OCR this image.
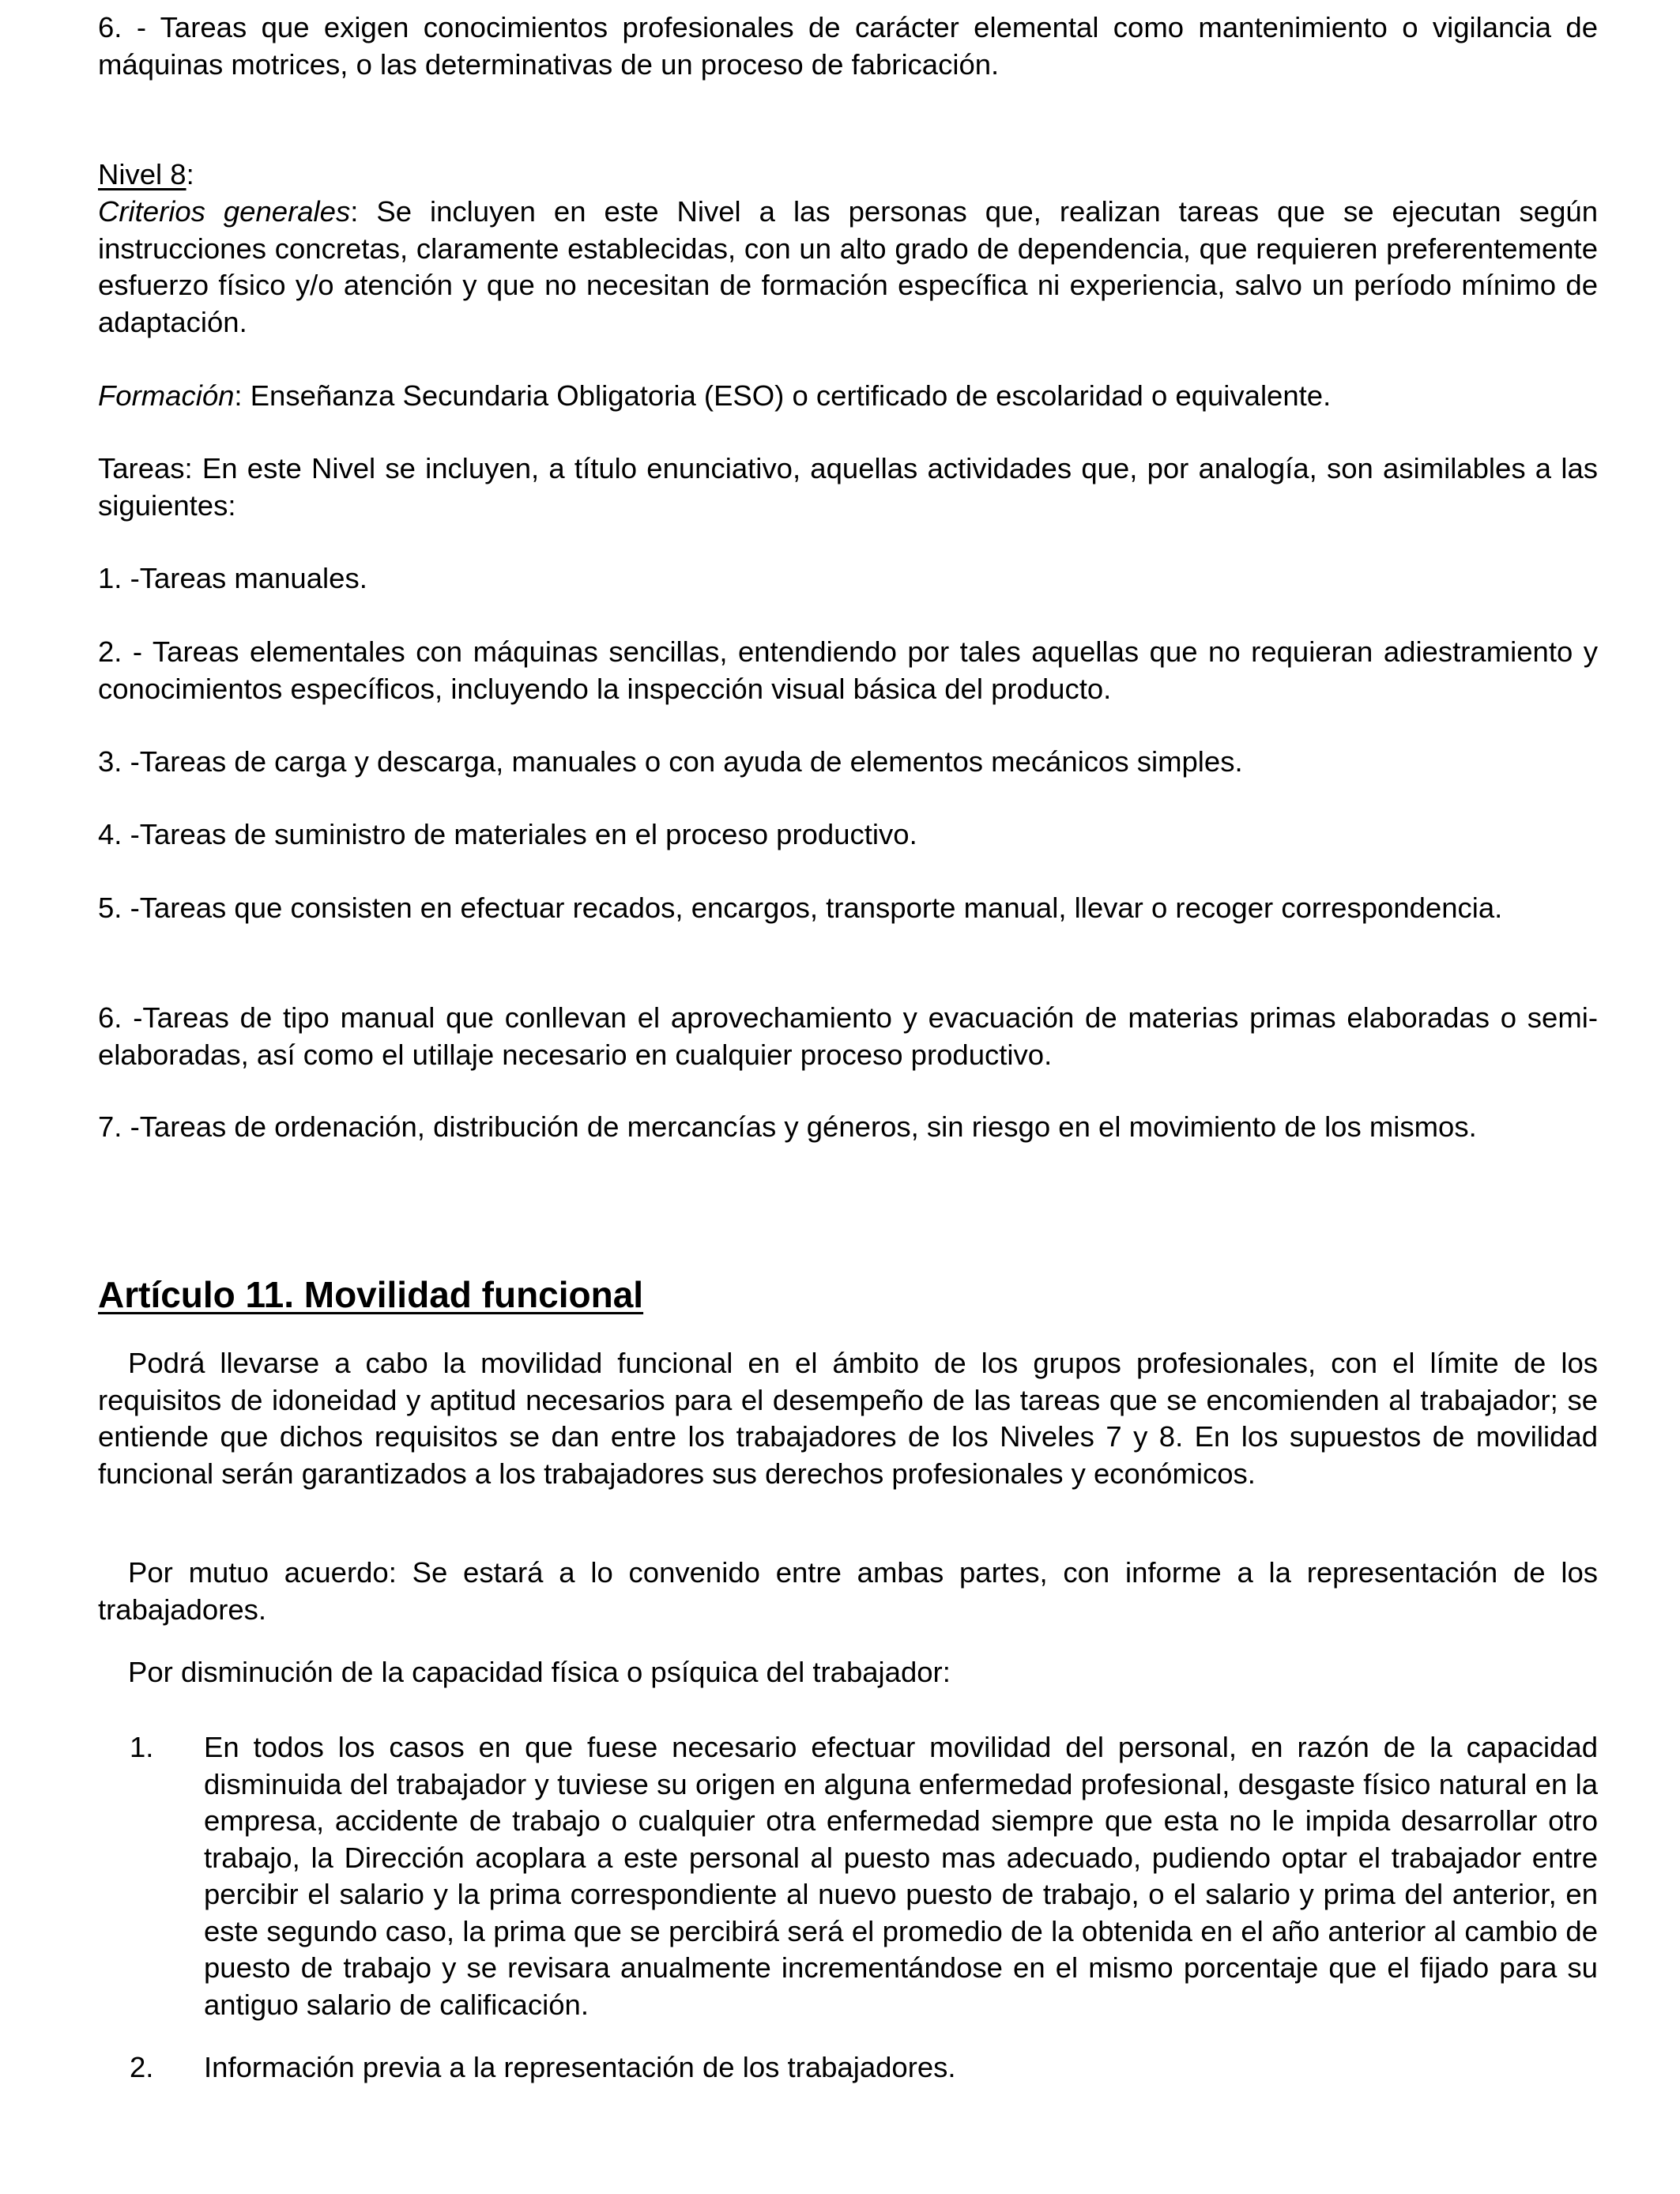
6. - Tareas que exigen conocimientos profesionales de carácter elemental como mantenimiento o vigilancia de máquinas motrices, o las determinativas de un proceso de fabricación.

Nivel 8:

Criterios generales: Se incluyen en este Nivel a las personas que, realizan tareas que se ejecutan según instrucciones concretas, claramente establecidas, con un alto grado de dependencia, que requieren preferentemente esfuerzo físico y/o atención y que no necesitan de formación específica ni experiencia, salvo un período mínimo de adaptación.

Formación: Enseñanza Secundaria Obligatoria (ESO) o certificado de escolaridad o equivalente.

Tareas: En este Nivel se incluyen, a título enunciativo, aquellas actividades que, por analogía, son asimilables a las siguientes:

1. -Tareas manuales.

2. - Tareas elementales con máquinas sencillas, entendiendo por tales aquellas que no requieran adiestramiento y conocimientos específicos, incluyendo la inspección visual básica del producto.

3. -Tareas de carga y descarga, manuales o con ayuda de elementos mecánicos simples.

4. -Tareas de suministro de materiales en el proceso productivo.

5. -Tareas que consisten en efectuar recados, encargos, transporte manual, llevar o recoger correspondencia.

6. -Tareas de tipo manual que conllevan el aprovechamiento y evacuación de materias primas elaboradas o semi-elaboradas, así como el utillaje necesario en cualquier proceso productivo.

7. -Tareas de ordenación, distribución de mercancías y géneros, sin riesgo en el movimiento de los mismos.

Artículo 11. Movilidad funcional

Podrá llevarse a cabo la movilidad funcional en el ámbito de los grupos profesionales, con el límite de los requisitos de idoneidad y aptitud necesarios para el desempeño de las tareas que se encomienden al trabajador; se entiende que dichos requisitos se dan entre los trabajadores de los Niveles 7 y 8. En los supuestos de movilidad funcional serán garantizados a los trabajadores sus derechos profesionales y económicos.

Por mutuo acuerdo: Se estará a lo convenido entre ambas partes, con informe a la representación de los trabajadores.

Por disminución de la capacidad física o psíquica del trabajador:

1. En todos los casos en que fuese necesario efectuar movilidad del personal, en razón de la capacidad disminuida del trabajador y tuviese su origen en alguna enfermedad profesional, desgaste físico natural en la empresa, accidente de trabajo o cualquier otra enfermedad siempre que esta no le impida desarrollar otro trabajo, la Dirección acoplara a este personal al puesto mas adecuado, pudiendo optar el trabajador entre percibir el salario y la prima correspondiente al nuevo puesto de trabajo, o el salario y prima del anterior, en este segundo caso, la prima que se percibirá será el promedio de la obtenida en el año anterior al cambio de puesto de trabajo y se revisara anualmente incrementándose en el mismo porcentaje que el fijado para su antiguo salario de calificación.

2. Información previa a la representación de los trabajadores.
